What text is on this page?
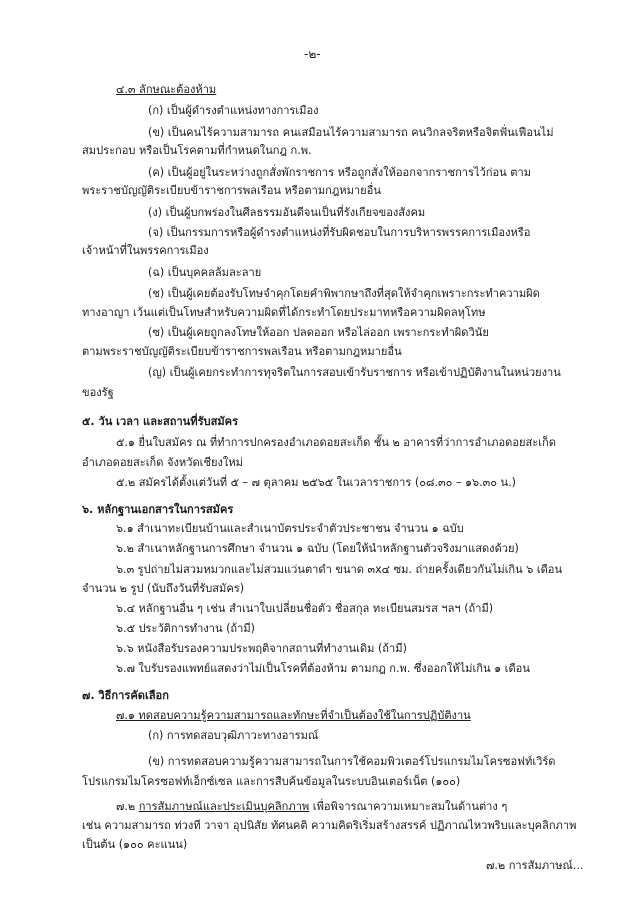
-๒-
๔.๓ ลักษณะต้องห้าม
(ก) เป็นผู้ดำรงตำแหน่งทางการเมือง
(ข) เป็นคนไร้ความสามารถ คนเสมือนไร้ความสามารถ คนวิกลจริตหรือจิตฟั่นเฟือนไม่
สมประกอบ หรือเป็นโรคตามที่กำหนดในกฎ ก.พ.
(ค) เป็นผู้อยู่ในระหว่างถูกสั่งพักราชการ หรือถูกสั่งให้ออกจากราชการไว้ก่อน ตาม
พระราชบัญญัติระเบียบข้าราชการพลเรือน หรือตามกฎหมายอื่น
(ง) เป็นผู้บกพร่องในศีลธรรมอันดีจนเป็นที่รังเกียจของสังคม
(จ) เป็นกรรมการหรือผู้ดำรงตำแหน่งที่รับผิดชอบในการบริหารพรรคการเมืองหรือ
เจ้าหน้าที่ในพรรคการเมือง
(ฉ) เป็นบุคคลล้มละลาย
(ช) เป็นผู้เคยต้องรับโทษจำคุกโดยคำพิพากษาถึงที่สุดให้จำคุกเพราะกระทำความผิด
ทางอาญา เว้นแต่เป็นโทษสำหรับความผิดที่ได้กระทำโดยประมาทหรือความผิดลหุโทษ
(ซ) เป็นผู้เคยถูกลงโทษให้ออก ปลดออก หรือไล่ออก เพราะกระทำผิดวินัย
ตามพระราชบัญญัติระเบียบข้าราชการพลเรือน หรือตามกฎหมายอื่น
(ญ) เป็นผู้เคยกระทำการทุจริตในการสอบเข้ารับราชการ หรือเข้าปฏิบัติงานในหน่วยงาน
ของรัฐ
๕. วัน เวลา และสถานที่รับสมัคร
๕.๑ ยื่นใบสมัคร ณ ที่ทำการปกครองอำเภอดอยสะเก็ด ชั้น ๒ อาคารที่ว่าการอำเภอดอยสะเก็ด
อำเภอดอยสะเก็ด จังหวัดเชียงใหม่
๕.๒ สมัครได้ตั้งแต่วันที่ ๕ – ๗ ตุลาคม ๒๕๖๕ ในเวลาราชการ (๐๘.๓๐ – ๑๖.๓๐ น.)
๖. หลักฐานเอกสารในการสมัคร
๖.๑ สำเนาทะเบียนบ้านและสำเนาบัตรประจำตัวประชาชน จำนวน ๑ ฉบับ
๖.๒ สำเนาหลักฐานการศึกษา จำนวน ๑ ฉบับ (โดยให้นำหลักฐานตัวจริงมาแสดงด้วย)
๖.๓ รูปถ่ายไม่สวมหมวกและไม่สวมแว่นตาดำ ขนาด ๓x๔ ซม. ถ่ายครั้งเดียวกันไม่เกิน ๖ เดือน
จำนวน ๒ รูป (นับถึงวันที่รับสมัคร)
๖.๔ หลักฐานอื่น ๆ เช่น สำเนาใบเปลี่ยนชื่อตัว ชื่อสกุล ทะเบียนสมรส ฯลฯ (ถ้ามี)
๖.๕ ประวัติการทำงาน (ถ้ามี)
๖.๖ หนังสือรับรองความประพฤติจากสถานที่ทำงานเดิม (ถ้ามี)
๖.๗ ใบรับรองแพทย์แสดงว่าไม่เป็นโรคที่ต้องห้าม ตามกฎ ก.พ. ซึ่งออกให้ไม่เกิน ๑ เดือน
๗. วิธีการคัดเลือก
๗.๑ ทดสอบความรู้ความสามารถและทักษะที่จำเป็นต้องใช้ในการปฏิบัติงาน
(ก) การทดสอบวุฒิภาวะทางอารมณ์
(ข) การทดสอบความรู้ความสามารถในการใช้คอมพิวเตอร์โปรแกรมไมโครซอฟท์เวิร์ด
โปรแกรมไมโครซอฟท์เอ็กซ์เซล และการสืบค้นข้อมูลในระบบอินเตอร์เน็ต (๑๐๐)
๗.๒ การสัมภาษณ์และประเมินบุคลิกภาพ เพื่อพิจารณาความเหมาะสมในด้านต่าง ๆ
เช่น ความสามารถ ท่วงที วาจา อุปนิสัย ทัศนคติ ความคิดริเริ่มสร้างสรรค์ ปฏิภาณไหวพริบและบุคลิกภาพ
เป็นต้น (๑๐๐ คะแนน)
๗.๒ การสัมภาษณ์...
